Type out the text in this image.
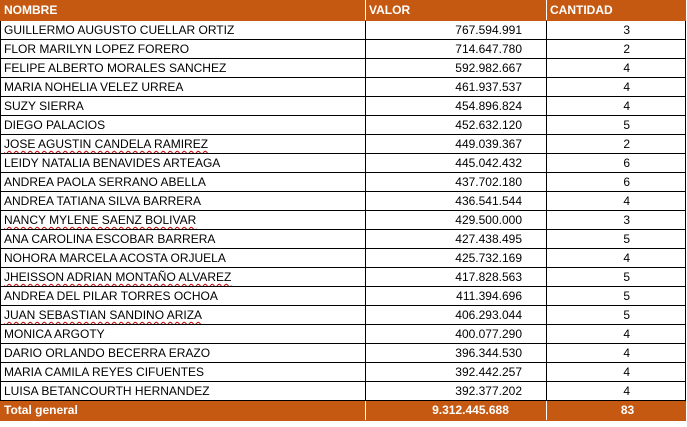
NOMBRE	VALOR	CANTIDAD
GUILLERMO AUGUSTO CUELLAR ORTIZ	767.594.991	3
FLOR MARILYN LOPEZ FORERO	714.647.780	2
FELIPE ALBERTO MORALES SANCHEZ	592.982.667	4
MARIA NOHELIA VELEZ URREA	461.937.537	4
SUZY SIERRA	454.896.824	4
DIEGO PALACIOS	452.632.120	5
JOSE AGUSTIN CANDELA RAMIREZ	449.039.367	2
LEIDY NATALIA BENAVIDES ARTEAGA	445.042.432	6
ANDREA PAOLA SERRANO ABELLA	437.702.180	6
ANDREA TATIANA SILVA BARRERA	436.541.544	4
NANCY MYLENE SAENZ BOLIVAR	429.500.000	3
ANA CAROLINA ESCOBAR BARRERA	427.438.495	5
NOHORA MARCELA ACOSTA ORJUELA	425.732.169	4
JHEISSON ADRIAN MONTAÑO ALVAREZ	417.828.563	5
ANDREA DEL PILAR TORRES OCHOA	411.394.696	5
JUAN SEBASTIAN SANDINO ARIZA	406.293.044	5
MONICA ARGOTY	400.077.290	4
DARIO ORLANDO BECERRA ERAZO	396.344.530	4
MARIA CAMILA REYES CIFUENTES	392.442.257	4
LUISA BETANCOURTH HERNANDEZ	392.377.202	4
Total general	9.312.445.688	83
